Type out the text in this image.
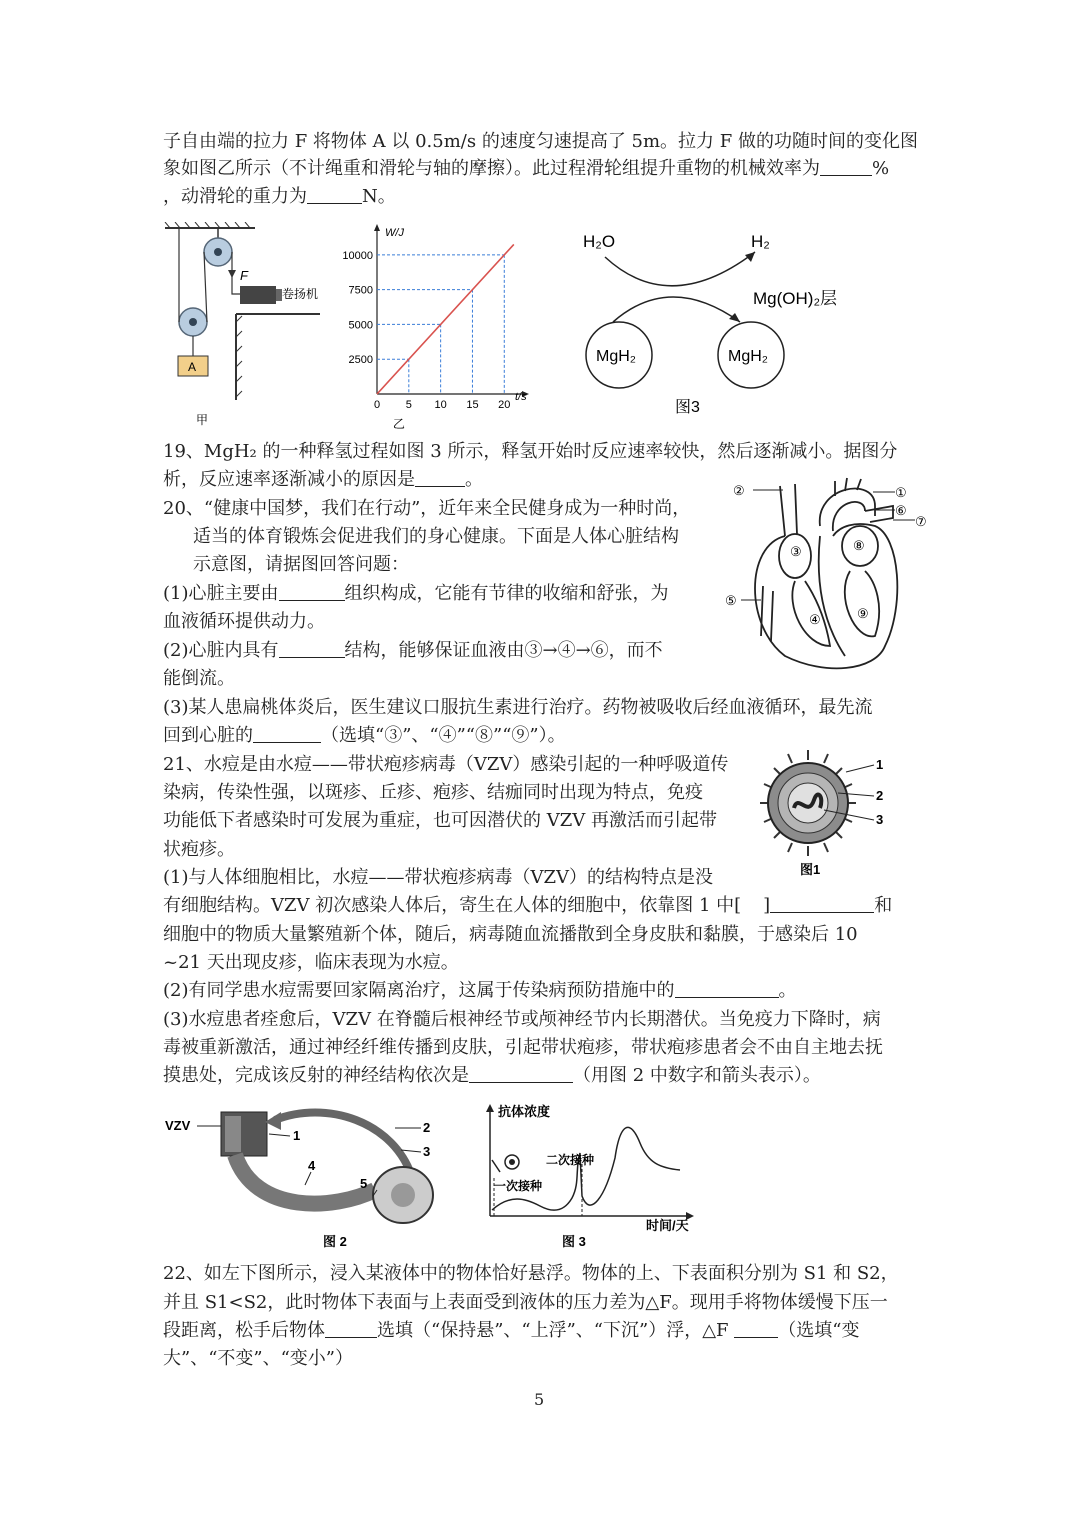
子自由端的拉力 F 将物体 A 以 0.5m/s 的速度匀速提高了 5m。拉力 F 做的功随时间的变化图
象如图乙所示（不计绳重和滑轮与轴的摩擦）。此过程滑轮组提升重物的机械效率为	%
，动滑轮的重力为	N。
F
卷扬机
A
甲
W/J
t/s
2500
5000
7500
10000
0 5 10 15 20
乙
H₂O	H₂
Mg(OH)₂层
MgH₂	MgH₂
图3
19、MgH₂ 的一种释氢过程如图 3 所示，释氢开始时反应速率较快，然后逐渐减小。据图分
析，反应速率逐渐减小的原因是	。
20、“健康中国梦，我们在行动”，近年来全民健身成为一种时尚，
适当的体育锻炼会促进我们的身心健康。下面是人体心脏结构
示意图，请据图回答问题：
(1)心脏主要由	组织构成，它能有节律的收缩和舒张，为
血液循环提供动力。
(2)心脏内具有	结构，能够保证血液由③→④→⑥，而不
能倒流。
(3)某人患扁桃体炎后，医生建议口服抗生素进行治疗。药物被吸收后经血液循环，最先流
回到心脏的	（选填“③”、“④”“⑧”“⑨”）。
②	①
⑥
⑦
③	⑧
⑤
④	⑨
21、水痘是由水痘——带状疱疹病毒（VZV）感染引起的一种呼吸道传
染病，传染性强，以斑疹、丘疹、疱疹、结痂同时出现为特点，免疫
功能低下者感染时可发展为重症，也可因潜伏的 VZV 再激活而引起带
状疱疹。
(1)与人体细胞相比，水痘——带状疱疹病毒（VZV）的结构特点是没
有细胞结构。VZV 初次感染人体后，寄生在人体的细胞中，依靠图 1 中[ ]	和
细胞中的物质大量繁殖新个体，随后，病毒随血流播散到全身皮肤和黏膜，于感染后 10
~21 天出现皮疹，临床表现为水痘。
(2)有同学患水痘需要回家隔离治疗，这属于传染病预防措施中的	。
(3)水痘患者痊愈后，VZV 在脊髓后根神经节或颅神经节内长期潜伏。当免疫力下降时，病
毒被重新激活，通过神经纤维传播到皮肤，引起带状疱疹，带状疱疹患者会不由自主地去抚
摸患处，完成该反射的神经结构依次是	（用图 2 中数字和箭头表示）。
1
2
3
图1
VZV
1
2
3
4
5
图 2
抗体浓度
时间/天
一次接种
二次接种
图 3
22、如左下图所示，浸入某液体中的物体恰好悬浮。物体的上、下表面积分别为 S1 和 S2，
并且 S1<S2，此时物体下表面与上表面受到液体的压力差为△F。现用手将物体缓慢下压一
段距离，松手后物体	选填（“保持悬”、“上浮”、“下沉”）浮，△F	（选填“变
大”、“不变”、“变小”）
5
